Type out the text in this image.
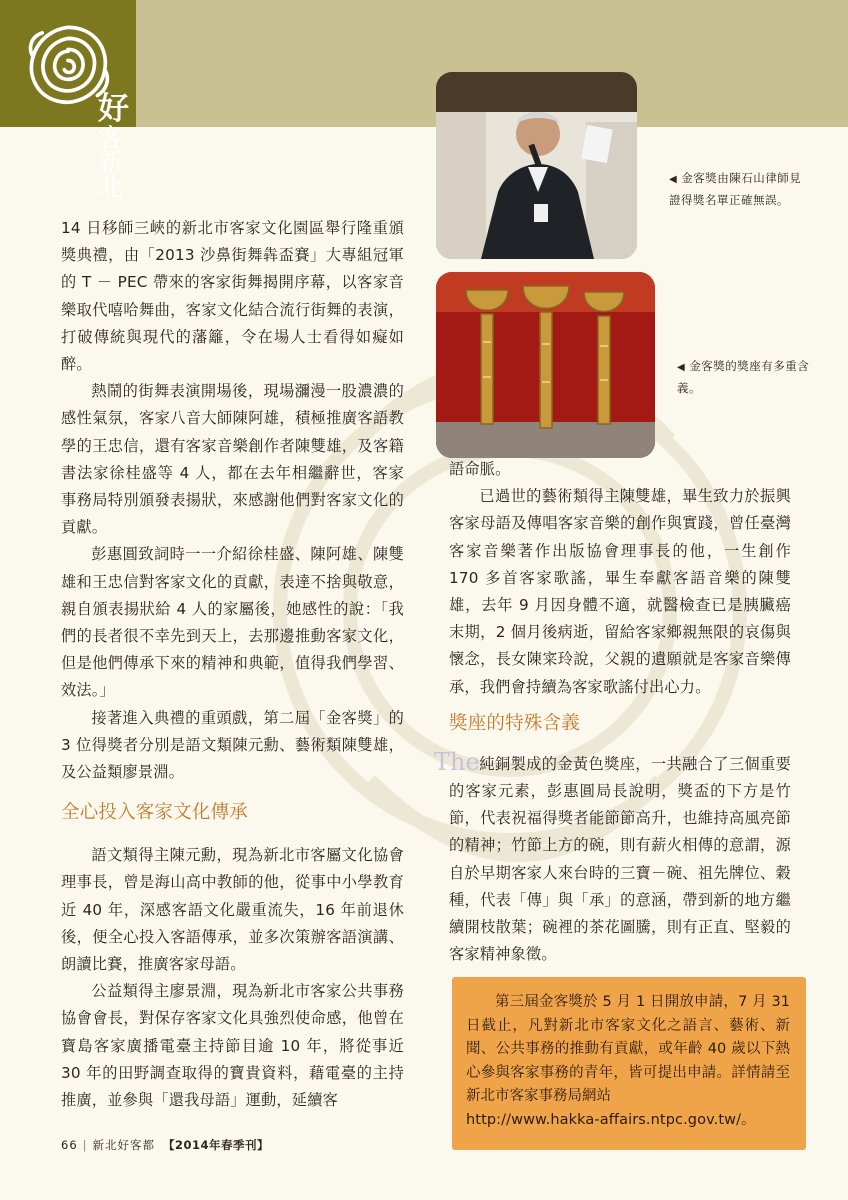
好客新北
The
◀ 金客獎由陳石山律師見證得獎名單正確無誤。
◀ 金客獎的獎座有多重含義。

14 日移師三峽的新北市客家文化園區舉行隆重頒獎典禮，由「2013 沙鼻街舞犇盃賽」大專組冠軍的 T － PEC 帶來的客家街舞揭開序幕，以客家音樂取代嘻哈舞曲，客家文化結合流行街舞的表演，打破傳統與現代的藩籬，令在場人士看得如癡如醉。

熱鬧的街舞表演開場後，現場瀰漫一股濃濃的感性氣氛，客家八音大師陳阿雄，積極推廣客語教學的王忠信，還有客家音樂創作者陳雙雄，及客籍書法家徐桂盛等 4 人，都在去年相繼辭世，客家事務局特別頒發表揚狀，來感謝他們對客家文化的貢獻。

彭惠圓致詞時一一介紹徐桂盛、陳阿雄、陳雙雄和王忠信對客家文化的貢獻，表達不捨與敬意，親自頒表揚狀給 4 人的家屬後，她感性的說：「我們的長者很不幸先到天上，去那邊推動客家文化，但是他們傳承下來的精神和典範，值得我們學習、效法。」

接著進入典禮的重頭戲，第二屆「金客獎」的 3 位得獎者分別是語文類陳元勳、藝術類陳雙雄，及公益類廖景淵。

全心投入客家文化傳承

語文類得主陳元勳，現為新北市客屬文化協會理事長，曾是海山高中教師的他，從事中小學教育近 40 年，深感客語文化嚴重流失，16 年前退休後，便全心投入客語傳承，並多次策辦客語演講、朗讀比賽，推廣客家母語。

公益類得主廖景淵，現為新北市客家公共事務協會會長，對保存客家文化具強烈使命感，他曾在寶島客家廣播電臺主持節目逾 10 年，將從事近 30 年的田野調查取得的寶貴資料，藉電臺的主持推廣，並參與「還我母語」運動，延續客

語命脈。

已過世的藝術類得主陳雙雄，畢生致力於振興客家母語及傳唱客家音樂的創作與實踐，曾任臺灣客家音樂著作出版協會理事長的他，一生創作 170 多首客家歌謠，畢生奉獻客語音樂的陳雙雄，去年 9 月因身體不適，就醫檢查已是胰臟癌末期，2 個月後病逝，留給客家鄉親無限的哀傷與懷念，長女陳寀玲說，父親的遺願就是客家音樂傳承，我們會持續為客家歌謠付出心力。

獎座的特殊含義

純銅製成的金黃色獎座，一共融合了三個重要的客家元素，彭惠圓局長說明，獎盃的下方是竹節，代表祝福得獎者能節節高升，也維持高風亮節的精神；竹節上方的碗，則有薪火相傳的意謂，源自於早期客家人來台時的三寶－碗、祖先牌位、穀種，代表「傳」與「承」的意涵，帶到新的地方繼續開枝散葉；碗裡的茶花圖騰，則有正直、堅毅的客家精神象徵。

第三屆金客獎於 5 月 1 日開放申請，7 月 31 日截止，凡對新北市客家文化之語言、藝術、新聞、公共事務的推動有貢獻，或年齡 40 歲以下熱心參與客家事務的青年，皆可提出申請。詳情請至新北市客家事務局網站
http://www.hakka-affairs.ntpc.gov.tw/。
66 | 新北好客都 【2014年春季刊】
